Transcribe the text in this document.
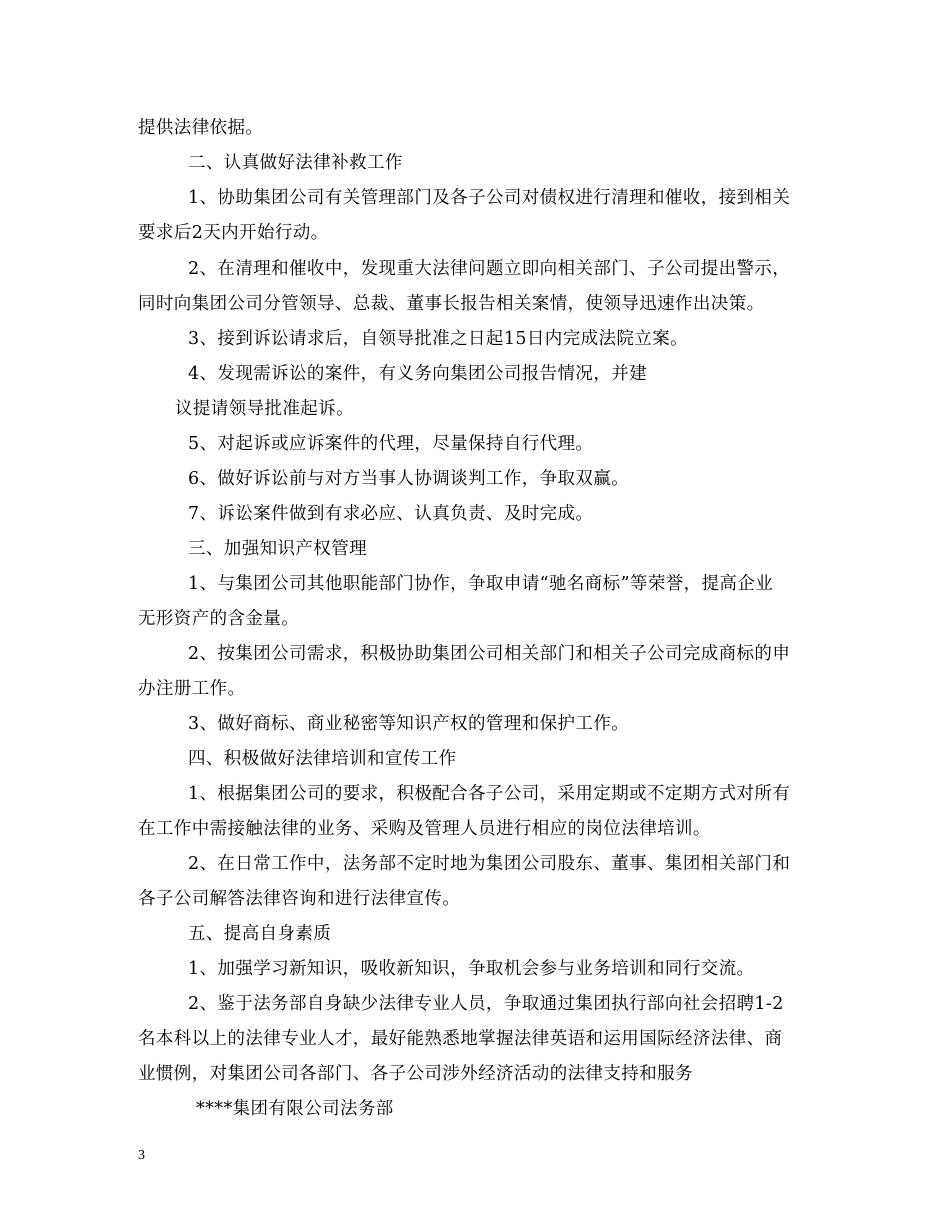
提供法律依据。
二、认真做好法律补救工作
1、协助集团公司有关管理部门及各子公司对债权进行清理和催收，接到相关
要求后2天内开始行动。
2、在清理和催收中，发现重大法律问题立即向相关部门、子公司提出警示，
同时向集团公司分管领导、总裁、董事长报告相关案情，使领导迅速作出决策。
3、接到诉讼请求后，自领导批准之日起15日内完成法院立案。
4、发现需诉讼的案件，有义务向集团公司报告情况，并建
议提请领导批准起诉。
5、对起诉或应诉案件的代理，尽量保持自行代理。
6、做好诉讼前与对方当事人协调谈判工作，争取双赢。
7、诉讼案件做到有求必应、认真负责、及时完成。
三、加强知识产权管理
1、与集团公司其他职能部门协作，争取申请“驰名商标”等荣誉，提高企业
无形资产的含金量。
2、按集团公司需求，积极协助集团公司相关部门和相关子公司完成商标的申
办注册工作。
3、做好商标、商业秘密等知识产权的管理和保护工作。
四、积极做好法律培训和宣传工作
1、根据集团公司的要求，积极配合各子公司，采用定期或不定期方式对所有
在工作中需接触法律的业务、采购及管理人员进行相应的岗位法律培训。
2、在日常工作中，法务部不定时地为集团公司股东、董事、集团相关部门和
各子公司解答法律咨询和进行法律宣传。
五、提高自身素质
1、加强学习新知识，吸收新知识，争取机会参与业务培训和同行交流。
2、鉴于法务部自身缺少法律专业人员，争取通过集团执行部向社会招聘1-2
名本科以上的法律专业人才，最好能熟悉地掌握法律英语和运用国际经济法律、商
业惯例，对集团公司各部门、各子公司涉外经济活动的法律支持和服务
****集团有限公司法务部
3
